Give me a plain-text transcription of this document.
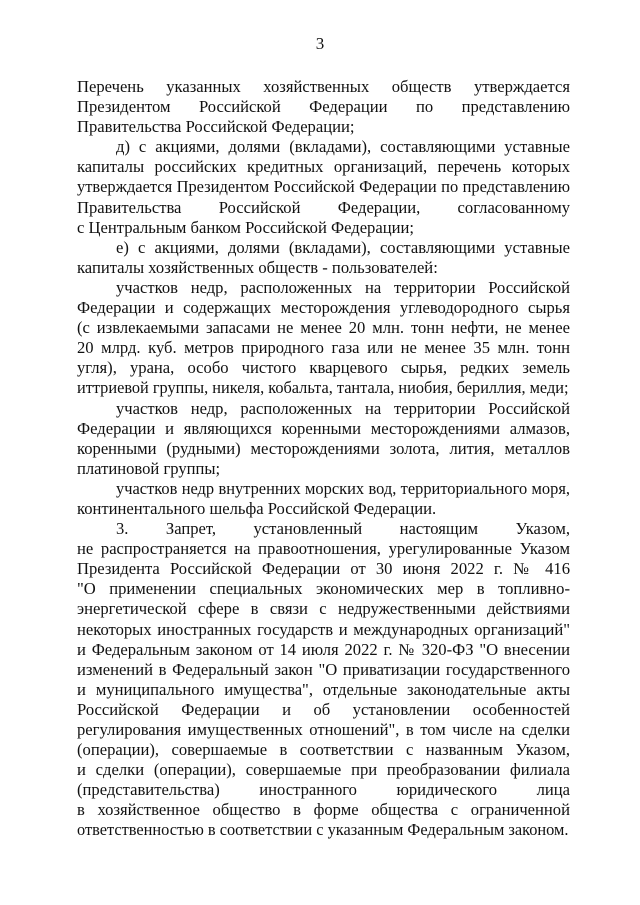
3
Перечень указанных хозяйственных обществ утверждается
Президентом Российской Федерации по представлению
Правительства Российской Федерации;
д) с акциями, долями (вкладами), составляющими уставные
капиталы российских кредитных организаций, перечень которых
утверждается Президентом Российской Федерации по представлению
Правительства Российской Федерации, согласованному
с Центральным банком Российской Федерации;
е) с акциями, долями (вкладами), составляющими уставные
капиталы хозяйственных обществ - пользователей:
участков недр, расположенных на территории Российской
Федерации и содержащих месторождения углеводородного сырья
(с извлекаемыми запасами не менее 20 млн. тонн нефти, не менее
20 млрд. куб. метров природного газа или не менее 35 млн. тонн
угля), урана, особо чистого кварцевого сырья, редких земель
иттриевой группы, никеля, кобальта, тантала, ниобия, бериллия, меди;
участков недр, расположенных на территории Российской
Федерации и являющихся коренными месторождениями алмазов,
коренными (рудными) месторождениями золота, лития, металлов
платиновой группы;
участков недр внутренних морских вод, территориального моря,
континентального шельфа Российской Федерации.
3. Запрет, установленный настоящим Указом,
не распространяется на правоотношения, урегулированные Указом
Президента Российской Федерации от 30 июня 2022 г. № 416
"О применении специальных экономических мер в топливно-
энергетической сфере в связи с недружественными действиями
некоторых иностранных государств и международных организаций"
и Федеральным законом от 14 июля 2022 г. № 320-ФЗ "О внесении
изменений в Федеральный закон "О приватизации государственного
и муниципального имущества", отдельные законодательные акты
Российской Федерации и об установлении особенностей
регулирования имущественных отношений", в том числе на сделки
(операции), совершаемые в соответствии с названным Указом,
и сделки (операции), совершаемые при преобразовании филиала
(представительства) иностранного юридического лица
в хозяйственное общество в форме общества с ограниченной
ответственностью в соответствии с указанным Федеральным законом.
